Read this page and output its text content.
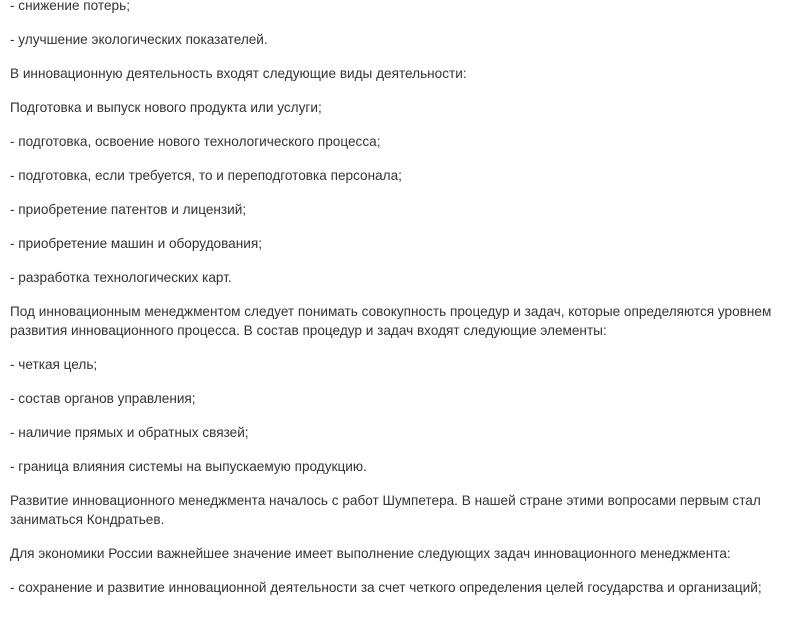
- снижение потерь;

- улучшение экологических показателей.

В инновационную деятельность входят следующие виды деятельности:

Подготовка и выпуск нового продукта или услуги;

- подготовка, освоение нового технологического процесса;

- подготовка, если требуется, то и переподготовка персонала;

- приобретение патентов и лицензий;

- приобретение машин и оборудования;

- разработка технологических карт.

Под инновационным менеджментом следует понимать совокупность процедур и задач, которые определяются уровнем развития инновационного процесса. В состав процедур и задач входят следующие элементы:

- четкая цель;

- состав органов управления;

- наличие прямых и обратных связей;

- граница влияния системы на выпускаемую продукцию.

Развитие инновационного менеджмента началось с работ Шумпетера. В нашей стране этими вопросами первым стал заниматься Кондратьев.

Для экономики России важнейшее значение имеет выполнение следующих задач инновационного менеджмента:

- сохранение и развитие инновационной деятельности за счет четкого определения целей государства и организаций;
